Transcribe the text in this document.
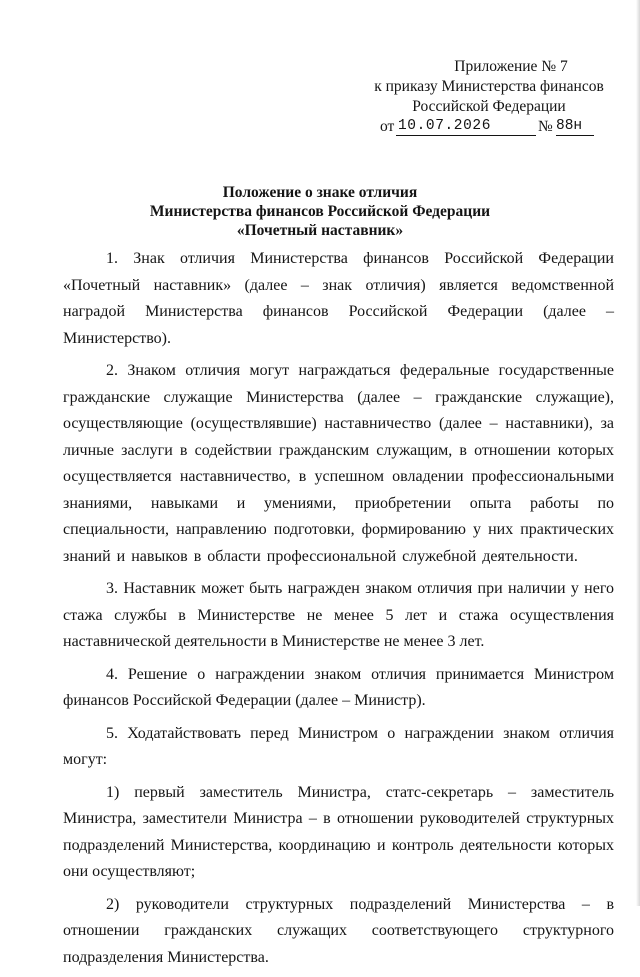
Приложение № 7
к приказу Министерства финансов
Российской Федерации
от 10.07.2026	№ 88н
Положение о знаке отличия
Министерства финансов Российской Федерации
«Почетный наставник»

1. Знак отличия Министерства финансов Российской Федерации «Почетный наставник» (далее – знак отличия) является ведомственной наградой Министерства финансов Российской Федерации (далее – Министерство).

2. Знаком отличия могут награждаться федеральные государственные гражданские служащие Министерства (далее – гражданские служащие), осуществляющие (осуществлявшие) наставничество (далее – наставники), за личные заслуги в содействии гражданским служащим, в отношении которых осуществляется наставничество, в успешном овладении профессиональными знаниями, навыками и умениями, приобретении опыта работы по специальности, направлению подготовки, формированию у них практических знаний и навыков в области профессиональной служебной деятельности.

3. Наставник может быть награжден знаком отличия при наличии у него стажа службы в Министерстве не менее 5 лет и стажа осуществления наставнической деятельности в Министерстве не менее 3 лет.

4. Решение о награждении знаком отличия принимается Министром финансов Российской Федерации (далее – Министр).

5. Ходатайствовать перед Министром о награждении знаком отличия могут:

1) первый заместитель Министра, статс-секретарь – заместитель Министра, заместители Министра – в отношении руководителей структурных подразделений Министерства, координацию и контроль деятельности которых они осуществляют;

2) руководители структурных подразделений Министерства – в отношении гражданских служащих соответствующего структурного подразделения Министерства.
